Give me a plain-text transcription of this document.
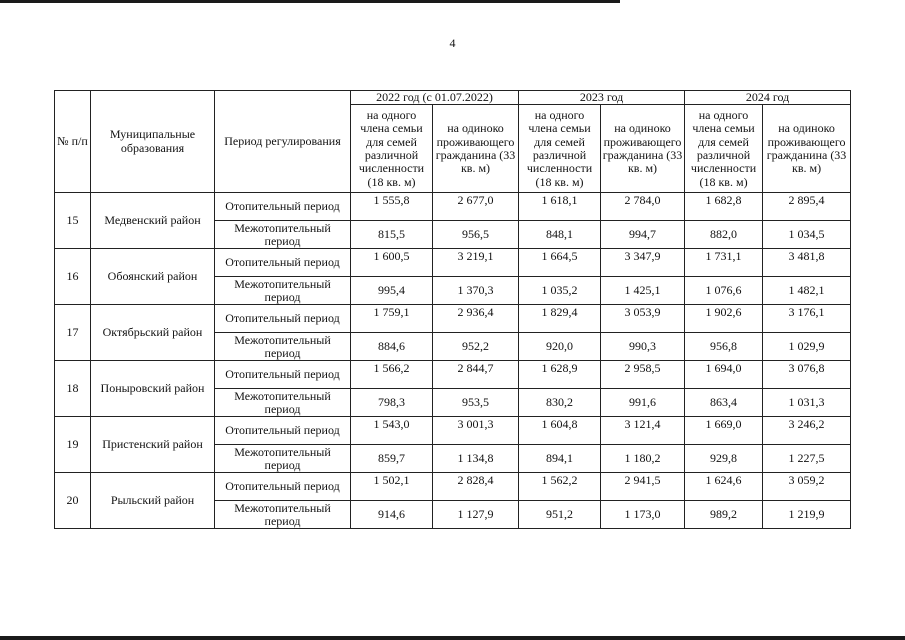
4
№ п/п	Муниципальные образования	Период регулирования	2022 год (с 01.07.2022)		2023 год		2024 год	
			на одного члена семьи для семей различной численности (18 кв. м)	на одиноко проживающего гражданина (33 кв. м)	на одного члена семьи для семей различной численности (18 кв. м)	на одиноко проживающего гражданина (33 кв. м)	на одного члена семьи для семей различной численности (18 кв. м)	на одиноко проживающего гражданина (33 кв. м)
15	Медвенский район	Отопительный период	1 555,8	2 677,0	1 618,1	2 784,0	1 682,8	2 895,4
		Межотопительный период	815,5	956,5	848,1	994,7	882,0	1 034,5
16	Обоянский район	Отопительный период	1 600,5	3 219,1	1 664,5	3 347,9	1 731,1	3 481,8
		Межотопительный период	995,4	1 370,3	1 035,2	1 425,1	1 076,6	1 482,1
17	Октябрьский район	Отопительный период	1 759,1	2 936,4	1 829,4	3 053,9	1 902,6	3 176,1
		Межотопительный период	884,6	952,2	920,0	990,3	956,8	1 029,9
18	Поныровский район	Отопительный период	1 566,2	2 844,7	1 628,9	2 958,5	1 694,0	3 076,8
		Межотопительный период	798,3	953,5	830,2	991,6	863,4	1 031,3
19	Пристенский район	Отопительный период	1 543,0	3 001,3	1 604,8	3 121,4	1 669,0	3 246,2
		Межотопительный период	859,7	1 134,8	894,1	1 180,2	929,8	1 227,5
20	Рыльский район	Отопительный период	1 502,1	2 828,4	1 562,2	2 941,5	1 624,6	3 059,2
		Межотопительный период	914,6	1 127,9	951,2	1 173,0	989,2	1 219,9
